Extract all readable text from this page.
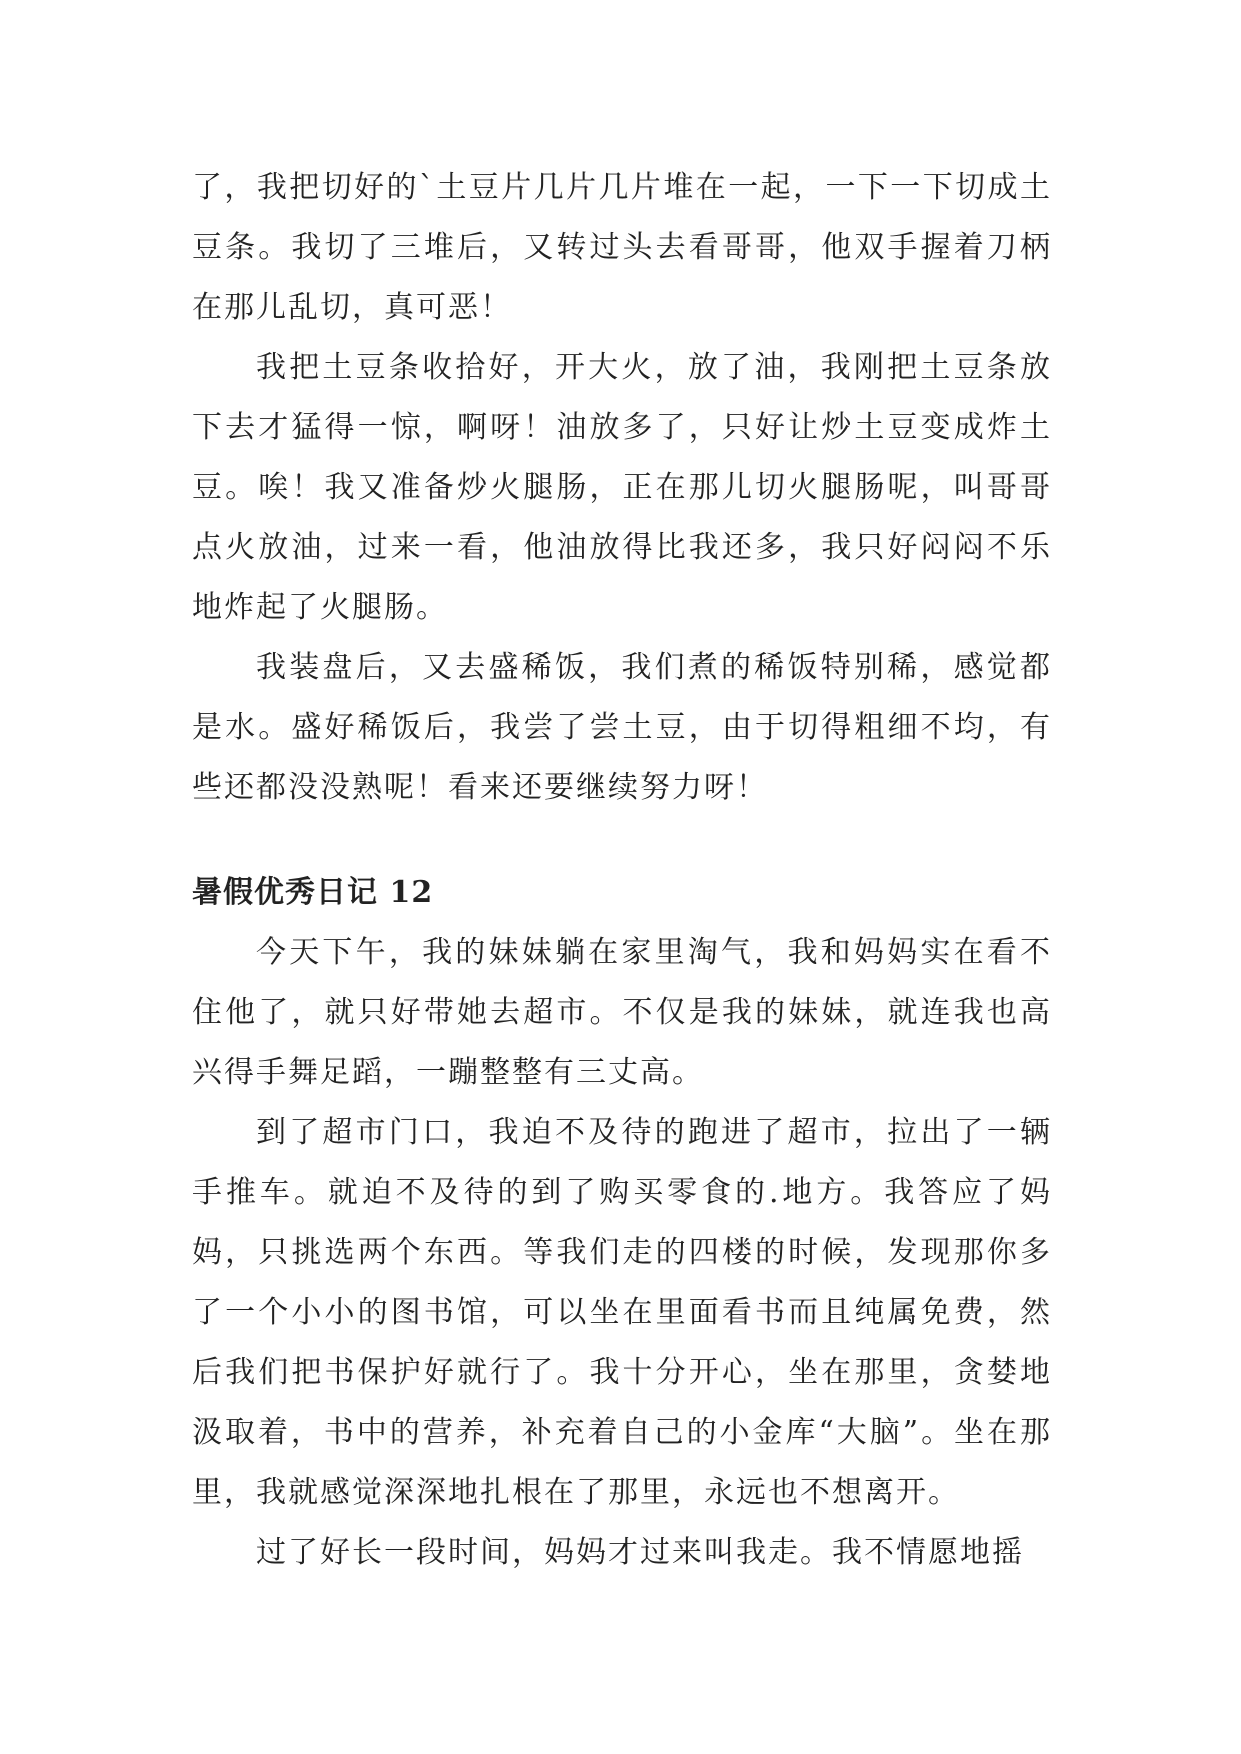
了，我把切好的`土豆片几片几片堆在一起，一下一下切成土豆条。我切了三堆后，又转过头去看哥哥，他双手握着刀柄在那儿乱切，真可恶！

我把土豆条收拾好，开大火，放了油，我刚把土豆条放下去才猛得一惊，啊呀！油放多了，只好让炒土豆变成炸土豆。唉！我又准备炒火腿肠，正在那儿切火腿肠呢，叫哥哥点火放油，过来一看，他油放得比我还多，我只好闷闷不乐地炸起了火腿肠。

我装盘后，又去盛稀饭，我们煮的稀饭特别稀，感觉都是水。盛好稀饭后，我尝了尝土豆，由于切得粗细不均，有些还都没没熟呢！看来还要继续努力呀！

暑假优秀日记 12

今天下午，我的妹妹躺在家里淘气，我和妈妈实在看不住他了，就只好带她去超市。不仅是我的妹妹，就连我也高兴得手舞足蹈，一蹦整整有三丈高。

到了超市门口，我迫不及待的跑进了超市，拉出了一辆手推车。就迫不及待的到了购买零食的.地方。我答应了妈妈，只挑选两个东西。等我们走的四楼的时候，发现那你多了一个小小的图书馆，可以坐在里面看书而且纯属免费，然后我们把书保护好就行了。我十分开心，坐在那里，贪婪地汲取着，书中的营养，补充着自己的小金库“大脑”。坐在那里，我就感觉深深地扎根在了那里，永远也不想离开。

过了好长一段时间，妈妈才过来叫我走。我不情愿地摇
